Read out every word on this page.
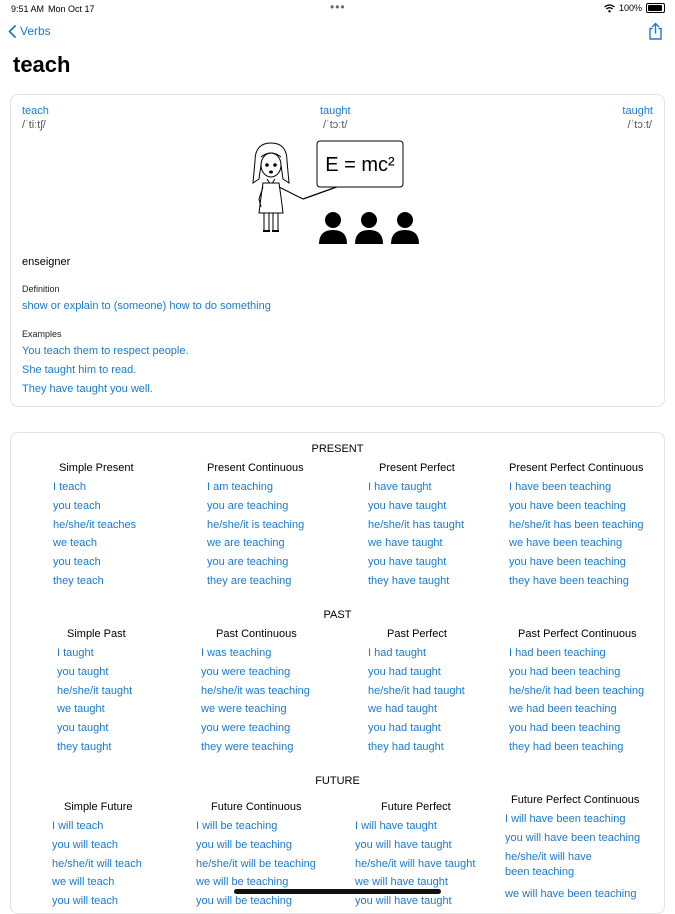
9:51 AM Mon Oct 17	•••	100%
Verbs
teach
teach
/ˈtiːtʃ/
taught
/ˈtɔːt/
taught
/ˈtɔːt/
E = mc²
enseigner
Definition
show or explain to (someone) how to do something
Examples
You teach them to respect people.
She taught him to read.
They have taught you well.
PRESENT
Simple Present
I teach
you teach
he/she/it teaches
we teach
you teach
they teach
Present Continuous
I am teaching
you are teaching
he/she/it is teaching
we are teaching
you are teaching
they are teaching
Present Perfect
I have taught
you have taught
he/she/it has taught
we have taught
you have taught
they have taught
Present Perfect Continuous
I have been teaching
you have been teaching
he/she/it has been teaching
we have been teaching
you have been teaching
they have been teaching
PAST
Simple Past
I taught
you taught
he/she/it taught
we taught
you taught
they taught
Past Continuous
I was teaching
you were teaching
he/she/it was teaching
we were teaching
you were teaching
they were teaching
Past Perfect
I had taught
you had taught
he/she/it had taught
we had taught
you had taught
they had taught
Past Perfect Continuous
I had been teaching
you had been teaching
he/she/it had been teaching
we had been teaching
you had been teaching
they had been teaching
FUTURE
Simple Future
I will teach
you will teach
he/she/it will teach
we will teach
you will teach
Future Continuous
I will be teaching
you will be teaching
he/she/it will be teaching
we will be teaching
you will be teaching
Future Perfect
I will have taught
you will have taught
he/she/it will have taught
we will have taught
you will have taught
Future Perfect Continuous
I will have been teaching
you will have been teaching
he/she/it will have
been teaching
we will have been teaching
